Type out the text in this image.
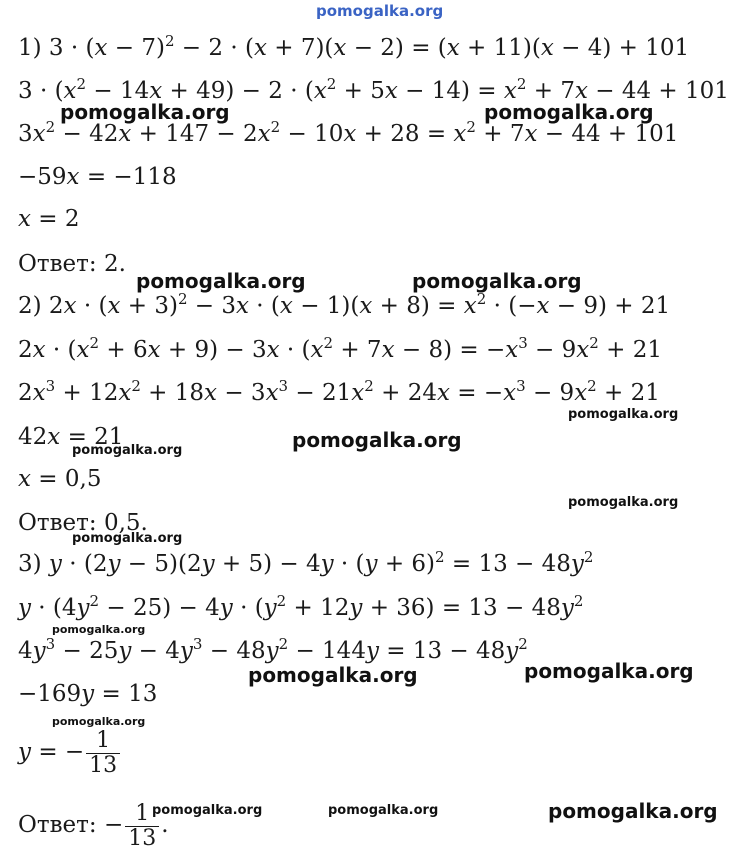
1) $3 \cdot (x - 7)^2 - 2 \cdot (x + 7)(x - 2) = (x + 11)(x - 4) + 101$
$3 \cdot (x^2 - 14x + 49) - 2 \cdot (x^2 + 5x - 14) = x^2 + 7x - 44 + 101$
$3x^2 - 42x + 147 - 2x^2 - 10x + 28 = x^2 + 7x - 44 + 101$
−59x = −118
x = 2
Ответ: 2.
2) $2x \cdot (x + 3)^2 - 3x \cdot (x - 1)(x + 8) = x^2 \cdot (-x - 9) + 21$
$2x \cdot (x^2 + 6x + 9) - 3x \cdot (x^2 + 7x - 8) = -x^3 - 9x^2 + 21$
$2x^3 + 12x^2 + 18x - 3x^3 - 21x^2 + 24x = -x^3 - 9x^2 + 21$
42x = 21
x = 0,5
Ответ: 0,5.
3) $y \cdot (2y - 5)(2y + 5) - 4y \cdot (y + 6)^2 = 13 - 48y^2$
$y \cdot (4y^2 - 25) - 4y \cdot (y^2 + 12y + 36) = 13 - 48y^2$
$4y^3 - 25y - 4y^3 - 48y^2 - 144y = 13 - 48y^2$
−169y = 13
y = − $\frac{1}{13}$
Ответ: − $\frac{1}{13}$ .
pomogalka.org
pomogalka.org	pomogalka.org
pomogalka.org	pomogalka.org
pomogalka.org
pomogalka.org
pomogalka.org
pomogalka.org
pomogalka.org
pomogalka.org
pomogalka.org	pomogalka.org
pomogalka.org
pomogalka.org	pomogalka.org	pomogalka.org
